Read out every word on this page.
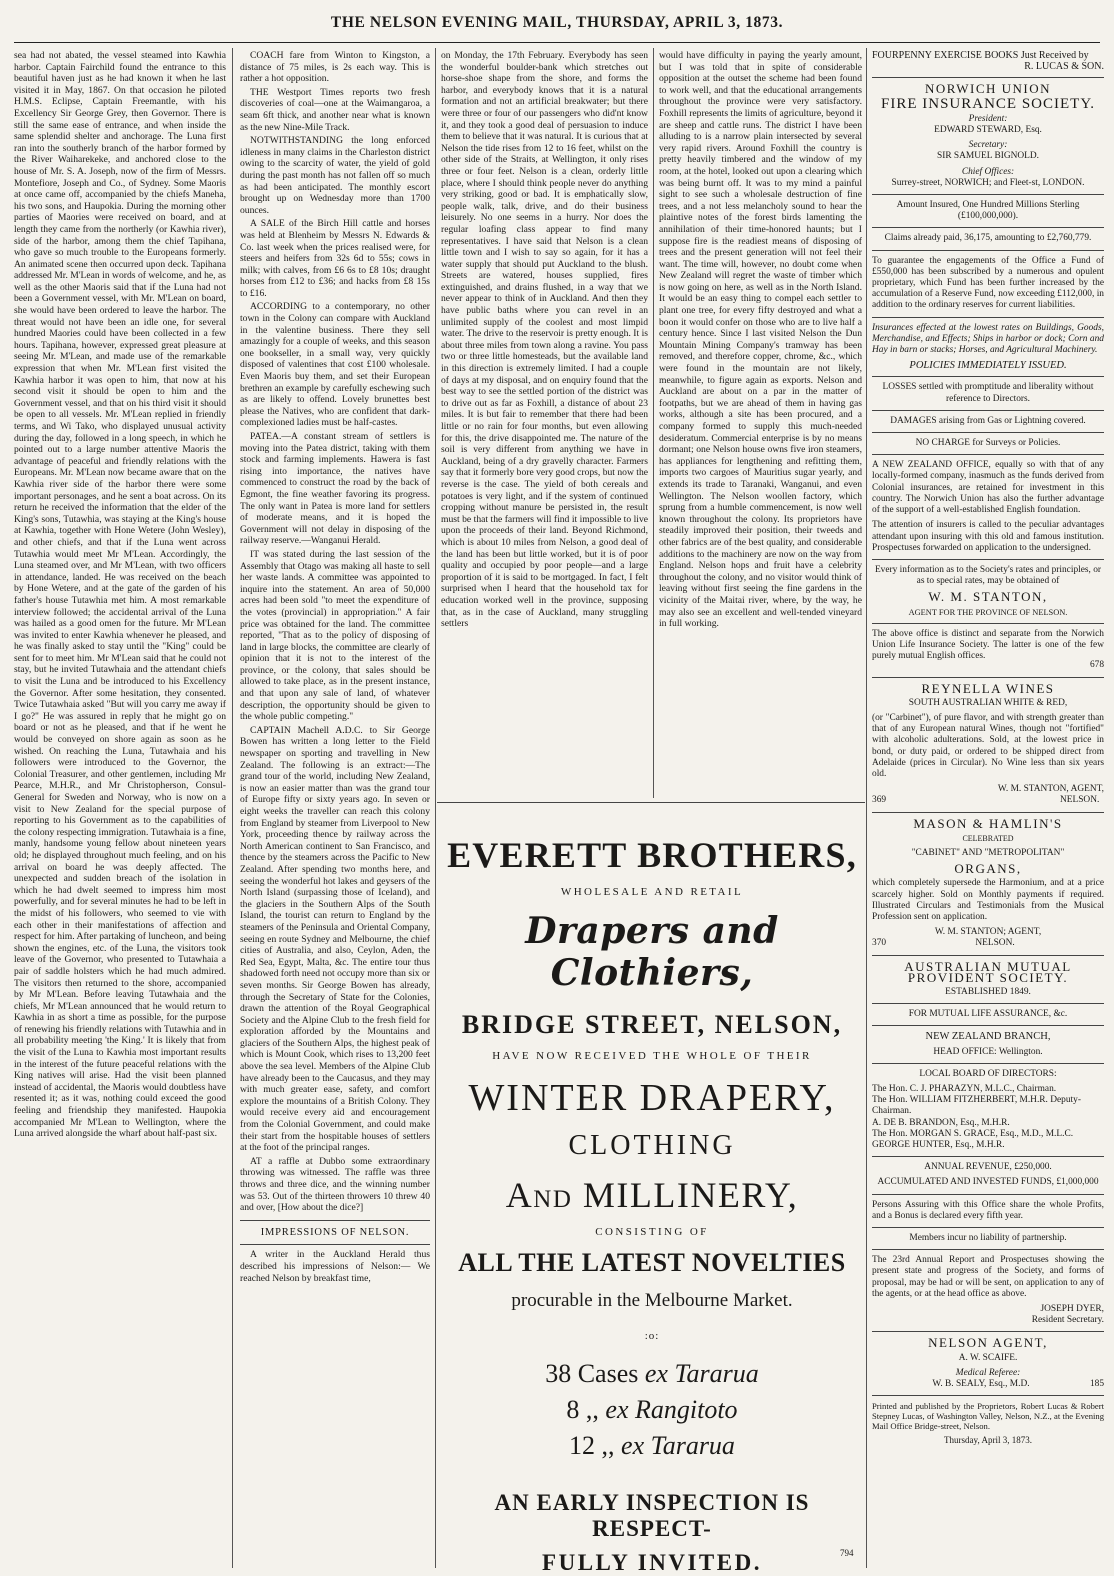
THE NELSON EVENING MAIL, THURSDAY, APRIL 3, 1873.

sea had not abated, the vessel steamed into Kawhia harbor. Captain Fairchild found the entrance to this beautiful haven just as he had known it when he last visited it in May, 1867. On that occasion he piloted H.M.S. Eclipse, Captain Freemantle, with his Excellency Sir George Grey, then Governor. There is still the same ease of entrance, and when inside the same splendid shelter and anchorage. The Luna first ran into the southerly branch of the harbor formed by the River Waiharekeke, and anchored close to the house of Mr. S. A. Joseph, now of the firm of Messrs. Montefiore, Joseph and Co., of Sydney. Some Maoris at once came off, accompanied by the chiefs Maneha, his two sons, and Haupokia. During the morning other parties of Maories were received on board, and at length they came from the northerly (or Kawhia river), side of the harbor, among them the chief Tapihana, who gave so much trouble to the Europeans formerly. An animated scene then occurred upon deck. Tapihana addressed Mr. M'Lean in words of welcome, and he, as well as the other Maoris said that if the Luna had not been a Government vessel, with Mr. M'Lean on board, she would have been ordered to leave the harbor. The threat would not have been an idle one, for several hundred Maories could have been collected in a few hours. Tapihana, however, expressed great pleasure at seeing Mr. M'Lean, and made use of the remarkable expression that when Mr. M'Lean first visited the Kawhia harbor it was open to him, that now at his second visit it should be open to him and the Government vessel, and that on his third visit it should be open to all vessels. Mr. M'Lean replied in friendly terms, and Wi Tako, who displayed unusual activity during the day, followed in a long speech, in which he pointed out to a large number attentive Maoris the advantage of peaceful and friendly relations with the Europeans. Mr. M'Lean now became aware that on the Kawhia river side of the harbor there were some important personages, and he sent a boat across. On its return he received the information that the elder of the King's sons, Tutawhia, was staying at the King's house at Kawhia, together with Hone Wetere (John Wesley), and other chiefs, and that if the Luna went across Tutawhia would meet Mr M'Lean. Accordingly, the Luna steamed over, and Mr M'Lean, with two officers in attendance, landed. He was received on the beach by Hone Wetere, and at the gate of the garden of his father's house Tutawhia met him. A most remarkable interview followed; the accidental arrival of the Luna was hailed as a good omen for the future. Mr M'Lean was invited to enter Kawhia whenever he pleased, and he was finally asked to stay until the "King" could be sent for to meet him. Mr M'Lean said that he could not stay, but he invited Tutawhaia and the attendant chiefs to visit the Luna and be introduced to his Excellency the Governor. After some hesitation, they consented. Twice Tutawhaia asked "But will you carry me away if I go?" He was assured in reply that he might go on board or not as he pleased, and that if he went he would be conveyed on shore again as soon as he wished. On reaching the Luna, Tutawhaia and his followers were introduced to the Governor, the Colonial Treasurer, and other gentlemen, including Mr Pearce, M.H.R., and Mr Christopherson, Consul-General for Sweden and Norway, who is now on a visit to New Zealand for the special purpose of reporting to his Government as to the capabilities of the colony respecting immigration. Tutawhaia is a fine, manly, handsome young fellow about nineteen years old; he displayed throughout much feeling, and on his arrival on board he was deeply affected. The unexpected and sudden breach of the isolation in which he had dwelt seemed to impress him most powerfully, and for several minutes he had to be left in the midst of his followers, who seemed to vie with each other in their manifestations of affection and respect for him. After partaking of luncheon, and being shown the engines, etc. of the Luna, the visitors took leave of the Governor, who presented to Tutawhaia a pair of saddle holsters which he had much admired. The visitors then returned to the shore, accompanied by Mr M'Lean. Before leaving Tutawhaia and the chiefs, Mr M'Lean announced that he would return to Kawhia in as short a time as possible, for the purpose of renewing his friendly relations with Tutawhia and in all probability meeting 'the King.' It is likely that from the visit of the Luna to Kawhia most important results in the interest of the future peaceful relations with the King natives will arise. Had the visit been planned instead of accidental, the Maoris would doubtless have resented it; as it was, nothing could exceed the good feeling and friendship they manifested. Haupokia accompanied Mr M'Lean to Wellington, where the Luna arrived alongside the wharf about half-past six.

COACH fare from Winton to Kingston, a distance of 75 miles, is 2s each way. This is rather a hot opposition.

THE Westport Times reports two fresh discoveries of coal—one at the Waimangaroa, a seam 6ft thick, and another near what is known as the new Nine-Mile Track.

NOTWITHSTANDING the long enforced idleness in many claims in the Charleston district owing to the scarcity of water, the yield of gold during the past month has not fallen off so much as had been anticipated. The monthly escort brought up on Wednesday more than 1700 ounces.

A SALE of the Birch Hill cattle and horses was held at Blenheim by Messrs N. Edwards & Co. last week when the prices realised were, for steers and heifers from 32s 6d to 55s; cows in milk; with calves, from £6 6s to £8 10s; draught horses from £12 to £36; and hacks from £8 15s to £16.

ACCORDING to a contemporary, no other town in the Colony can compare with Auckland in the valentine business. There they sell amazingly for a couple of weeks, and this season one bookseller, in a small way, very quickly disposed of valentines that cost £100 wholesale. Even Maoris buy them, and set their European brethren an example by carefully eschewing such as are likely to offend. Lovely brunettes best please the Natives, who are confident that dark-complexioned ladies must be half-castes.

PATEA.—A constant stream of settlers is moving into the Patea district, taking with them stock and farming implements. Hawera is fast rising into importance, the natives have commenced to construct the road by the back of Egmont, the fine weather favoring its progress. The only want in Patea is more land for settlers of moderate means, and it is hoped the Government will not delay in disposing of the railway reserve.—Wanganui Herald.

IT was stated during the last session of the Assembly that Otago was making all haste to sell her waste lands. A committee was appointed to inquire into the statement. An area of 50,000 acres had been sold "to meet the expenditure of the votes (provincial) in appropriation." A fair price was obtained for the land. The committee reported, "That as to the policy of disposing of land in large blocks, the committee are clearly of opinion that it is not to the interest of the province, or the colony, that sales should be allowed to take place, as in the present instance, and that upon any sale of land, of whatever description, the opportunity should be given to the whole public competing."

CAPTAIN Machell A.D.C. to Sir George Bowen has written a long letter to the Field newspaper on sporting and travelling in New Zealand. The following is an extract:—The grand tour of the world, including New Zealand, is now an easier matter than was the grand tour of Europe fifty or sixty years ago. In seven or eight weeks the traveller can reach this colony from England by steamer from Liverpool to New York, proceeding thence by railway across the North American continent to San Francisco, and thence by the steamers across the Pacific to New Zealand. After spending two months here, and seeing the wonderful hot lakes and geysers of the North Island (surpassing those of Iceland), and the glaciers in the Southern Alps of the South Island, the tourist can return to England by the steamers of the Peninsula and Oriental Company, seeing en route Sydney and Melbourne, the chief cities of Australia, and also, Ceylon, Aden, the Red Sea, Egypt, Malta, &c. The entire tour thus shadowed forth need not occupy more than six or seven months. Sir George Bowen has already, through the Secretary of State for the Colonies, drawn the attention of the Royal Geographical Society and the Alpine Club to the fresh field for exploration afforded by the Mountains and glaciers of the Southern Alps, the highest peak of which is Mount Cook, which rises to 13,200 feet above the sea level. Members of the Alpine Club have already been to the Caucasus, and they may with much greater ease, safety, and comfort explore the mountains of a British Colony. They would receive every aid and encouragement from the Colonial Government, and could make their start from the hospitable houses of settlers at the foot of the principal ranges.

AT a raffle at Dubbo some extraordinary throwing was witnessed. The raffle was three throws and three dice, and the winning number was 53. Out of the thirteen throwers 10 threw 40 and over, [How about the dice?]

IMPRESSIONS OF NELSON.

A writer in the Auckland Herald thus described his impressions of Nelson:— We reached Nelson by breakfast time,

on Monday, the 17th February. Everybody has seen the wonderful boulder-bank which stretches out horse-shoe shape from the shore, and forms the harbor, and everybody knows that it is a natural formation and not an artificial breakwater; but there were three or four of our passengers who did'nt know it, and they took a good deal of persuasion to induce them to believe that it was natural. It is curious that at Nelson the tide rises from 12 to 16 feet, whilst on the other side of the Straits, at Wellington, it only rises three or four feet. Nelson is a clean, orderly little place, where I should think people never do anything very striking, good or bad. It is emphatically slow, people walk, talk, drive, and do their business leisurely. No one seems in a hurry. Nor does the regular loafing class appear to find many representatives. I have said that Nelson is a clean little town and I wish to say so again, for it has a water supply that should put Auckland to the blush. Streets are watered, houses supplied, fires extinguished, and drains flushed, in a way that we never appear to think of in Auckland. And then they have public baths where you can revel in an unlimited supply of the coolest and most limpid water. The drive to the reservoir is pretty enough. It is about three miles from town along a ravine. You pass two or three little homesteads, but the available land in this direction is extremely limited. I had a couple of days at my disposal, and on enquiry found that the best way to see the settled portion of the district was to drive out as far as Foxhill, a distance of about 23 miles. It is but fair to remember that there had been little or no rain for four months, but even allowing for this, the drive disappointed me. The nature of the soil is very different from anything we have in Auckland, being of a dry gravelly character. Farmers say that it formerly bore very good crops, but now the reverse is the case. The yield of both cereals and potatoes is very light, and if the system of continued cropping without manure be persisted in, the result must be that the farmers will find it impossible to live upon the proceeds of their land. Beyond Richmond, which is about 10 miles from Nelson, a good deal of the land has been but little worked, but it is of poor quality and occupied by poor people—and a large proportion of it is said to be mortgaged. In fact, I felt surprised when I heard that the household tax for education worked well in the province, supposing that, as in the case of Auckland, many struggling settlers

would have difficulty in paying the yearly amount, but I was told that in spite of considerable opposition at the outset the scheme had been found to work well, and that the educational arrangements throughout the province were very satisfactory. Foxhill represents the limits of agriculture, beyond it are sheep and cattle runs. The district I have been alluding to is a narrow plain intersected by several very rapid rivers. Around Foxhill the country is pretty heavily timbered and the window of my room, at the hotel, looked out upon a clearing which was being burnt off. It was to my mind a painful sight to see such a wholesale destruction of fine trees, and a not less melancholy sound to hear the plaintive notes of the forest birds lamenting the annihilation of their time-honored haunts; but I suppose fire is the readiest means of disposing of trees and the present generation will not feel their want. The time will, however, no doubt come when New Zealand will regret the waste of timber which is now going on here, as well as in the North Island. It would be an easy thing to compel each settler to plant one tree, for every fifty destroyed and what a boon it would confer on those who are to live half a century hence. Since I last visited Nelson the Dun Mountain Mining Company's tramway has been removed, and therefore copper, chrome, &c., which were found in the mountain are not likely, meanwhile, to figure again as exports. Nelson and Auckland are about on a par in the matter of footpaths, but we are ahead of them in having gas works, although a site has been procured, and a company formed to supply this much-needed desideratum. Commercial enterprise is by no means dormant; one Nelson house owns five iron steamers, has appliances for lengthening and refitting them, imports two cargoes of Mauritius sugar yearly, and extends its trade to Taranaki, Wanganui, and even Wellington. The Nelson woollen factory, which sprung from a humble commencement, is now well known throughout the colony. Its proprietors have steadily improved their position, their tweeds and other fabrics are of the best quality, and considerable additions to the machinery are now on the way from England. Nelson hops and fruit have a celebrity throughout the colony, and no visitor would think of leaving without first seeing the fine gardens in the vicinity of the Maitai river, where, by the way, he may also see an excellent and well-tended vineyard in full working.

EVERETT BROTHERS,
WHOLESALE AND RETAIL
Drapers and Clothiers,
BRIDGE STREET, NELSON,
HAVE NOW RECEIVED THE WHOLE OF THEIR
WINTER DRAPERY,
CLOTHING
And MILLINERY,
CONSISTING OF
ALL THE LATEST NOVELTIES
procurable in the Melbourne Market.
:o:
38 Cases ex Tararua
8 ,, ex Rangitoto
12 ,, ex Tararua
AN EARLY INSPECTION IS RESPECT-
FULLY INVITED.	794
FOURPENNY EXERCISE BOOKS Just Received by
R. LUCAS & SON.
NORWICH UNION
FIRE INSURANCE SOCIETY.
President:
EDWARD STEWARD, Esq.
Secretary:
SIR SAMUEL BIGNOLD.
Chief Offices:
Surrey-street, NORWICH; and Fleet-st, LONDON.
Amount Insured, One Hundred Millions Sterling (£100,000,000).
Claims already paid, 36,175, amounting to £2,760,779.
To guarantee the engagements of the Office a Fund of £550,000 has been subscribed by a numerous and opulent proprietary, which Fund has been further increased by the accumulation of a Reserve Fund, now exceeding £112,000, in addition to the ordinary reserves for current liabilities.
Insurances effected at the lowest rates on Buildings, Goods, Merchandise, and Effects; Ships in harbor or dock; Corn and Hay in barn or stacks; Horses, and Agricultural Machinery.
POLICIES IMMEDIATELY ISSUED.
LOSSES settled with promptitude and liberality without reference to Directors.
DAMAGES arising from Gas or Lightning covered.
NO CHARGE for Surveys or Policies.
A NEW ZEALAND OFFICE, equally so with that of any locally-formed company, inasmuch as the funds derived from Colonial insurances, are retained for investment in this country. The Norwich Union has also the further advantage of the support of a well-established English foundation.
The attention of insurers is called to the peculiar advantages attendant upon insuring with this old and famous institution. Prospectuses forwarded on application to the undersigned.
Every information as to the Society's rates and principles, or as to special rates, may be obtained of
W. M. STANTON,
AGENT FOR THE PROVINCE OF NELSON.
The above office is distinct and separate from the Norwich Union Life Insurance Society. The latter is one of the few purely mutual English offices.
678
REYNELLA WINES
SOUTH AUSTRALIAN WHITE & RED,
(or "Carbinet"), of pure flavor, and with strength greater than that of any European natural Wines, though not "fortified" with alcoholic adulterations. Sold, at the lowest price in bond, or duty paid, or ordered to be shipped direct from Adelaide (prices in Circular). No Wine less than six years old.
W. M. STANTON, AGENT,
NELSON.
369
MASON & HAMLIN'S
CELEBRATED
"CABINET" AND "METROPOLITAN"
ORGANS,
which completely supersede the Harmonium, and at a price scarcely higher. Sold on Monthly payments if required. Illustrated Circulars and Testimonials from the Musical Profession sent on application.
W. M. STANTON; AGENT,

370	NELSON.
AUSTRALIAN MUTUAL PROVIDENT SOCIETY.
ESTABLISHED 1849.
FOR MUTUAL LIFE ASSURANCE, &c.
NEW ZEALAND BRANCH,
HEAD OFFICE: Wellington.
LOCAL BOARD OF DIRECTORS:
The Hon. C. J. PHARAZYN, M.L.C., Chairman.
The Hon. WILLIAM FITZHERBERT, M.H.R. Deputy-Chairman.
A. DE B. BRANDON, Esq., M.H.R.
The Hon. MORGAN S. GRACE, Esq., M.D., M.L.C.
GEORGE HUNTER, Esq., M.H.R.
ANNUAL REVENUE, £250,000.
ACCUMULATED AND INVESTED FUNDS, £1,000,000
Persons Assuring with this Office share the whole Profits, and a Bonus is declared every fifth year.
Members incur no liability of partnership.
The 23rd Annual Report and Prospectuses showing the present state and progress of the Society, and forms of proposal, may be had or will be sent, on application to any of the agents, or at the head office as above.
JOSEPH DYER,
Resident Secretary.
NELSON AGENT,
A. W. SCAIFE.
Medical Referee:
W. B. SEALY, Esq., M.D.	185
Printed and published by the Proprietors, Robert Lucas & Robert Stepney Lucas, of Washington Valley, Nelson, N.Z., at the Evening Mail Office Bridge-street, Nelson.
Thursday, April 3, 1873.
